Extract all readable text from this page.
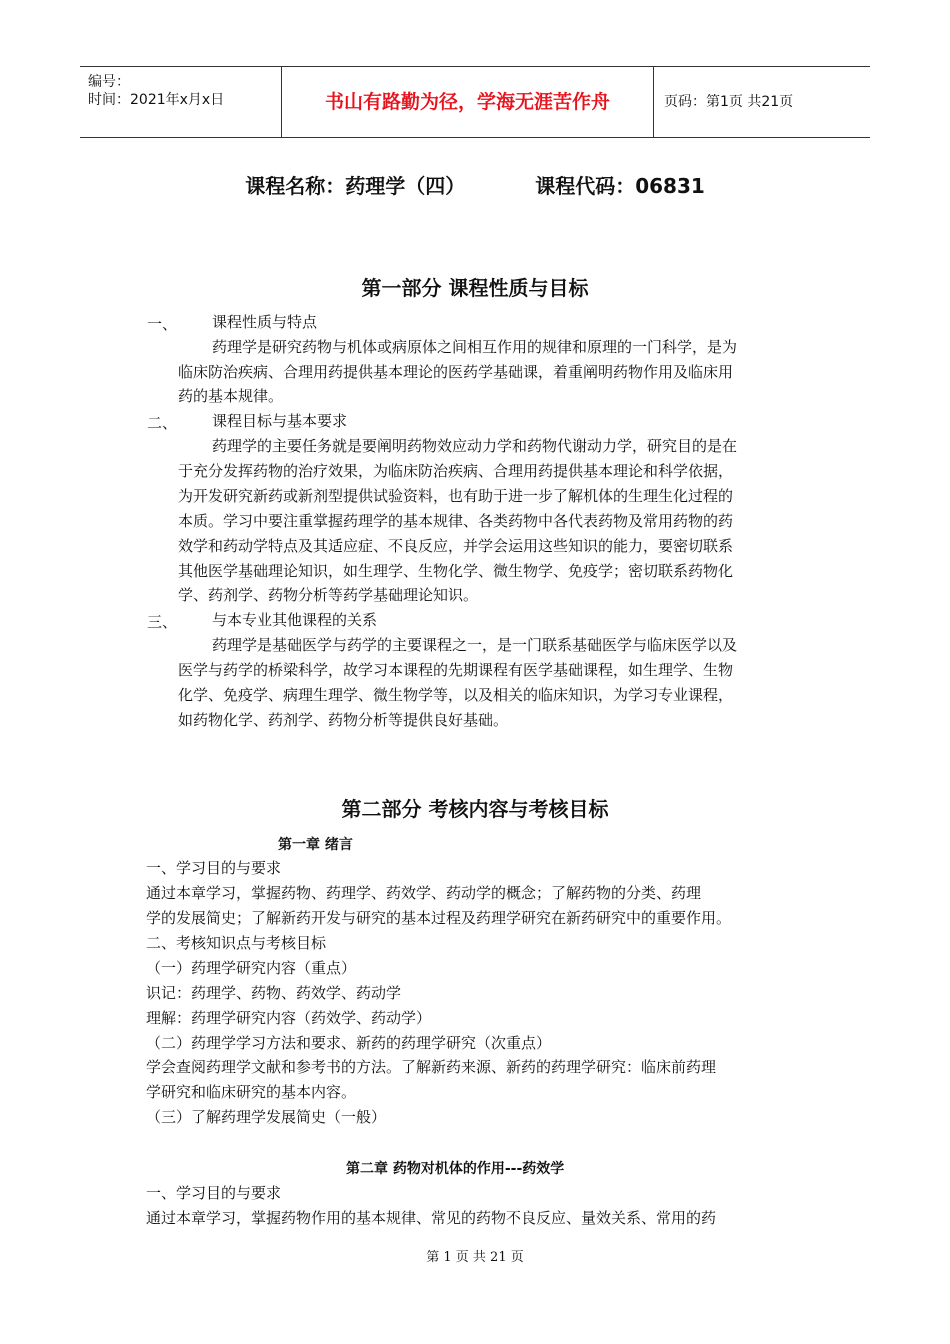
编号：
时间：2021年x月x日	书山有路勤为径，学海无涯苦作舟	页码：第1页 共21页
课程名称：药理学（四）	课程代码：06831
第一部分 课程性质与目标
一、 课程性质与特点
药理学是研究药物与机体或病原体之间相互作用的规律和原理的一门科学，是为
临床防治疾病、合理用药提供基本理论的医药学基础课，着重阐明药物作用及临床用
药的基本规律。
二、 课程目标与基本要求
药理学的主要任务就是要阐明药物效应动力学和药物代谢动力学，研究目的是在
于充分发挥药物的治疗效果，为临床防治疾病、合理用药提供基本理论和科学依据，
为开发研究新药或新剂型提供试验资料，也有助于进一步了解机体的生理生化过程的
本质。学习中要注重掌握药理学的基本规律、各类药物中各代表药物及常用药物的药
效学和药动学特点及其适应症、不良反应，并学会运用这些知识的能力，要密切联系
其他医学基础理论知识，如生理学、生物化学、微生物学、免疫学；密切联系药物化
学、药剂学、药物分析等药学基础理论知识。
三、 与本专业其他课程的关系
药理学是基础医学与药学的主要课程之一，是一门联系基础医学与临床医学以及
医学与药学的桥梁科学，故学习本课程的先期课程有医学基础课程，如生理学、生物
化学、免疫学、病理生理学、微生物学等，以及相关的临床知识，为学习专业课程，
如药物化学、药剂学、药物分析等提供良好基础。
第二部分 考核内容与考核目标
第一章 绪言
一、学习目的与要求
通过本章学习，掌握药物、药理学、药效学、药动学的概念；了解药物的分类、药理
学的发展简史；了解新药开发与研究的基本过程及药理学研究在新药研究中的重要作用。
二、考核知识点与考核目标
（一）药理学研究内容（重点）
识记：药理学、药物、药效学、药动学
理解：药理学研究内容（药效学、药动学）
（二）药理学学习方法和要求、新药的药理学研究（次重点）
学会查阅药理学文献和参考书的方法。了解新药来源、新药的药理学研究：临床前药理
学研究和临床研究的基本内容。
（三）了解药理学发展简史（一般）
第二章 药物对机体的作用---药效学
一、学习目的与要求
通过本章学习，掌握药物作用的基本规律、常见的药物不良反应、量效关系、常用的药
第 1 页 共 21 页
